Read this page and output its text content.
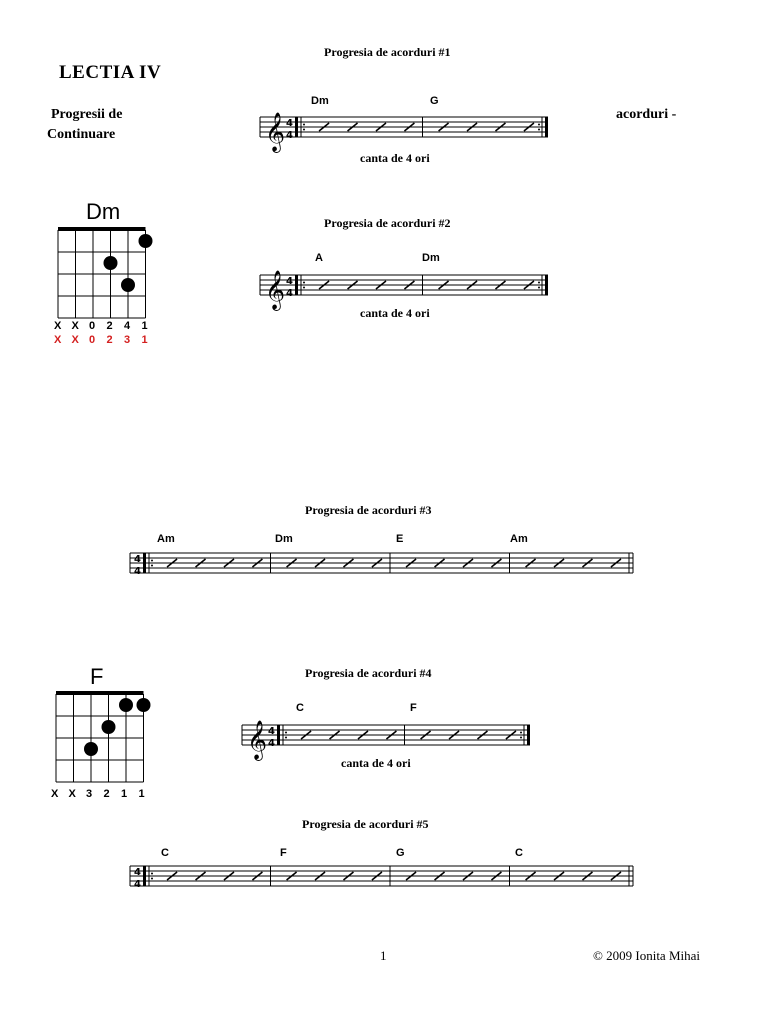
LECTIA IV
Progresii de
Continuare
acorduri -
Progresia de acorduri #1
Progresia de acorduri #2
Progresia de acorduri #3
Progresia de acorduri #4
Progresia de acorduri #5
canta de 4 ori
canta de 4 ori
canta de 4 ori
Dm	G
A	Dm
Am	Dm	E	Am
C	F
C	F	G	C
𝄞 4
4
𝄞 4
4
4
4
𝄞 4
4
4
4
Dm
X X 0 2 4 1
X X 0 2 3 1
F
X X 3 2 1 1
1	© 2009 Ionita Mihai
